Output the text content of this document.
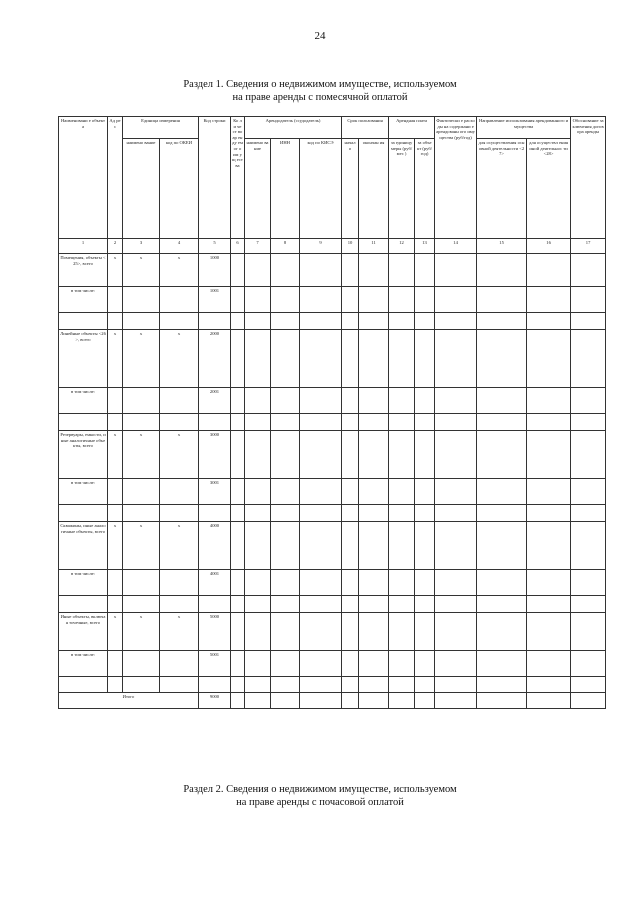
24
Раздел 1. Сведения о недвижимом имуществе, используемом
на праве аренды с помесячной оплатой
Наименовани е объекта	Ад ре с	Единица измерения		Код строки	Ко ли че ст во ар ен ду ем ог о им ущ ест ва	Арендодатель (ссудодатель)			Срок пользования		Арендная плата		Фактически е расходы на содержани е арендованн ого имущества (руб/год)	Направление использования арендованного имущества		Обоснование заключения договора аренды
		наимено вание	код по ОКЕИ			наимено вание	ИНН	код по КИСЭ	начал о	окончан ия	за единицу меры (руб/мес )	за объе кт (руб/ год)		для осуществления основной деятельности <27>	для осуществл ения иной деятельнос ти <28>	
1	2	3	4	5	6	7	8	9	10	11	12	13	14	15	16	17
Помещения, объекты <25>, всего	x	x	x	1000												
в том числе:				1001												

Линейные объекты <26>, всего	x	x	x	2000												
в том числе:				2001												

Резервуары, емкости, иные аналогичные объекты, всего	x	x	x	3000												
в том числе:				3001												

Скважины, иные аналогичные объекты, всего	x	x	x	4000												
в том числе:				4001												

Иные объекты, включая точечные, всего	x	x	x	5000												
в том числе:				5001												

Итого				9000												
Раздел 2. Сведения о недвижимом имуществе, используемом
на праве аренды с почасовой оплатой
